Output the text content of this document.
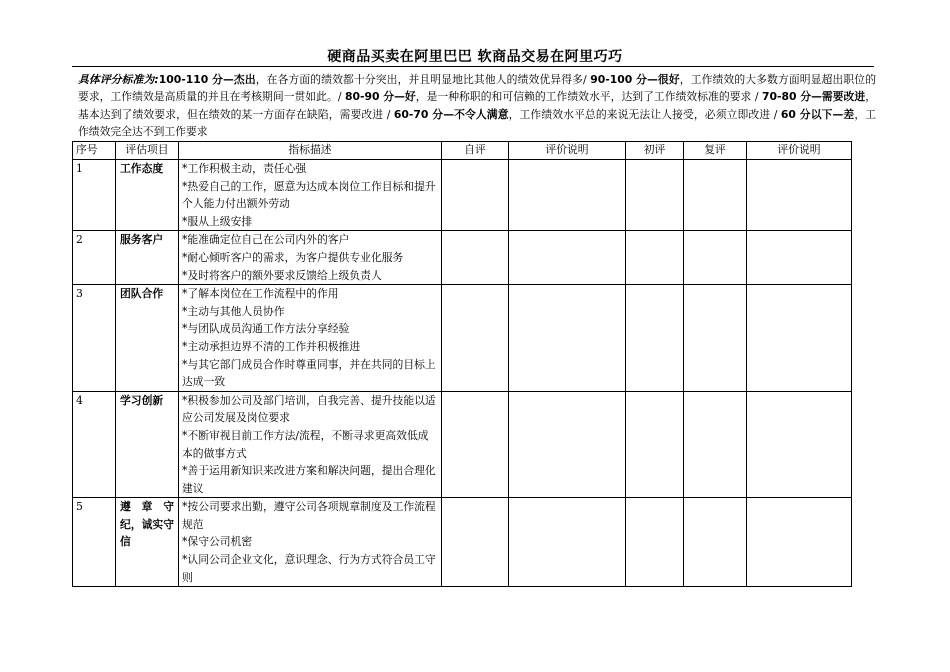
硬商品买卖在阿里巴巴 软商品交易在阿里巧巧
具体评分标准为:100-110 分—杰出，在各方面的绩效都十分突出，并且明显地比其他人的绩效优异得多/ 90-100 分—很好，工作绩效的大多数方面明显超出职位的要求，工作绩效是高质量的并且在考核期间一贯如此。/ 80-90 分—好，是一种称职的和可信赖的工作绩效水平，达到了工作绩效标准的要求 / 70-80 分—需要改进，基本达到了绩效要求，但在绩效的某一方面存在缺陷，需要改进 / 60-70 分—不令人满意，工作绩效水平总的来说无法让人接受，必须立即改进 / 60 分以下—差，工作绩效完全达不到工作要求
序号	评估项目	指标描述	自评	评价说明	初评	复评	评价说明
1	工作态度	*工作积极主动，责任心强
*热爱自己的工作，愿意为达成本岗位工作目标和提升个人能力付出额外劳动
*服从上级安排					

2	服务客户	*能准确定位自己在公司内外的客户
*耐心倾听客户的需求，为客户提供专业化服务
*及时将客户的额外要求反馈给上级负责人					

3	团队合作	*了解本岗位在工作流程中的作用
*主动与其他人员协作
*与团队成员沟通工作方法分享经验
*主动承担边界不清的工作并积极推进
*与其它部门成员合作时尊重同事，并在共同的目标上达成一致					

4	学习创新	*积极参加公司及部门培训，自我完善、提升技能以适应公司发展及岗位要求
*不断审视目前工作方法/流程，不断寻求更高效低成本的做事方式
*善于运用新知识来改进方案和解决问题，提出合理化建议					

5	遵 章 守 纪，诚实守信	*按公司要求出勤，遵守公司各项规章制度及工作流程规范
*保守公司机密
*认同公司企业文化，意识理念、行为方式符合员工守则					
